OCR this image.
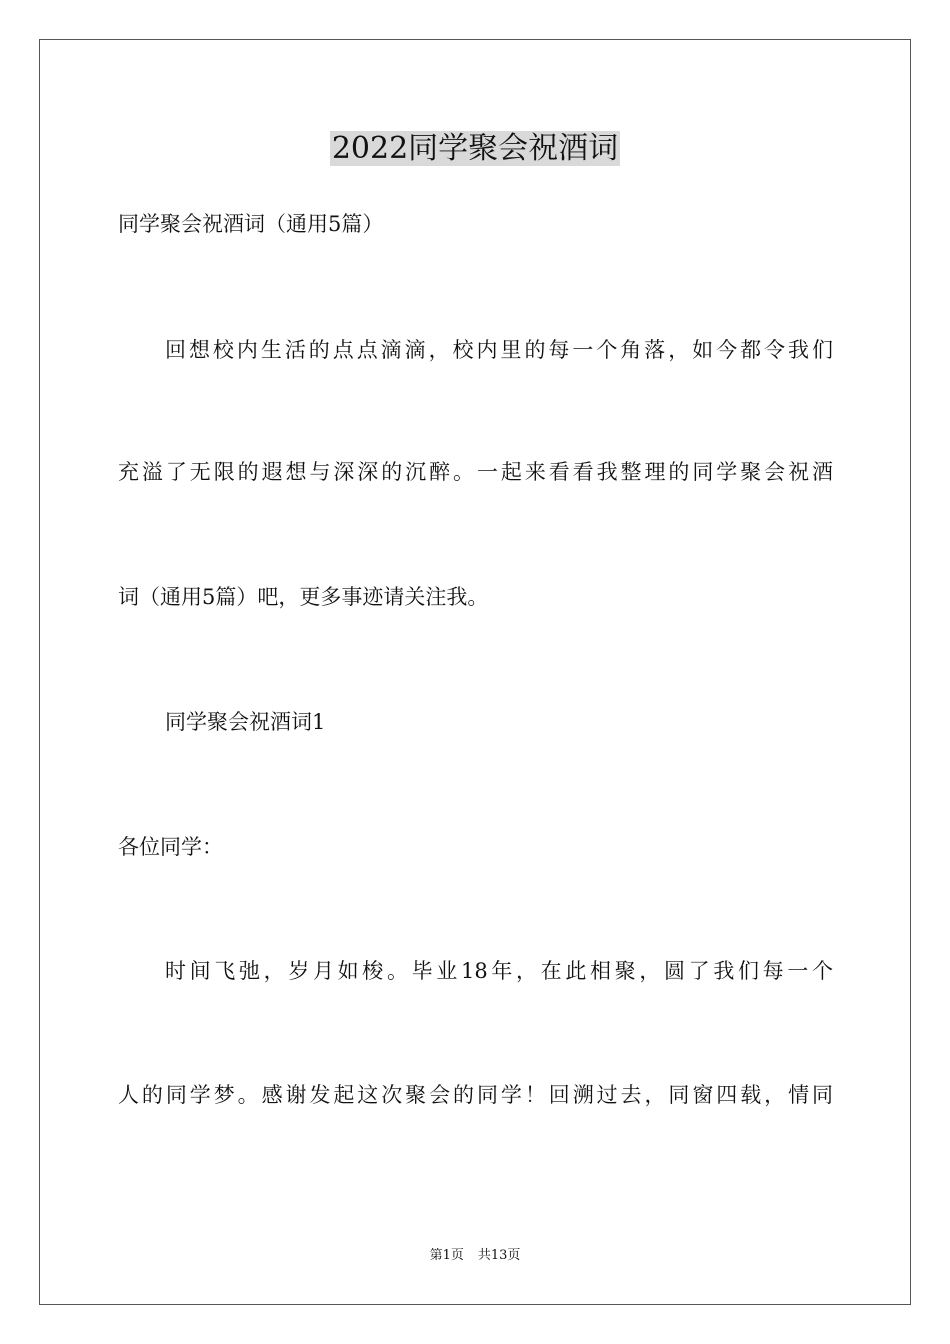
2022同学聚会祝酒词
同学聚会祝酒词（通用5篇）
回想校内生活的点点滴滴，校内里的每一个角落，如今都令我们
充溢了无限的遐想与深深的沉醉。一起来看看我整理的同学聚会祝酒
词（通用5篇）吧，更多事迹请关注我。
同学聚会祝酒词1
各位同学：
时间飞弛，岁月如梭。毕业18年，在此相聚，圆了我们每一个
人的同学梦。感谢发起这次聚会的同学！回溯过去，同窗四载，情同
第1页 共13页
